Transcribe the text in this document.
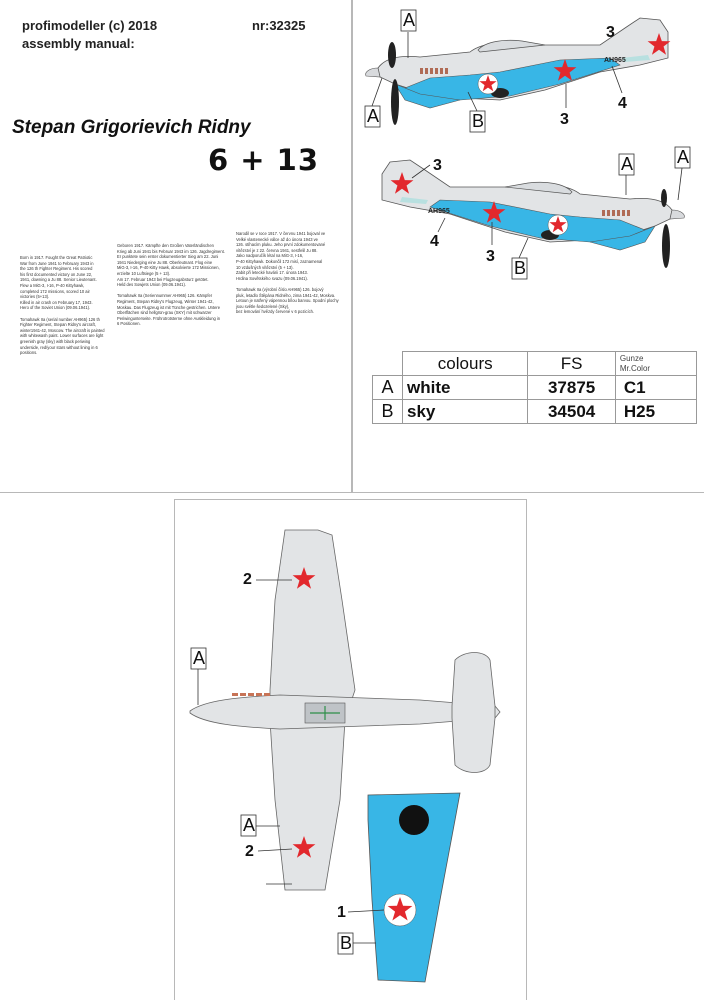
profimodeller (c) 2018	nr:32325
assembly manual:
Stepan Grigorievich Ridny
6 + 13
Born in 1917. Fought the Great Patriotic
War from June 1941 to February 1943 in
the 126 th Fighter Regiment. His scored
his first documented victory on June 22,
1941, downing a Ju 88. Senior Lieutenant.
Flew a MiG-3, I-16, P-40 Kittyhawk,
completed 172 missions, scored 10 air
victories (5+13).
Killed in air crash on February 17, 1943.
Hero of the Soviet Union (09.06.1941).

Tomahawk IIa (serial number AH965) 126 th
Fighter Regiment, Stepan Ridny's aircraft,
winter1941-42, Moscow. The aircraft is painted
with whitewash paint. Lower surfaces are light
greenish gray (sky) with black periwing
underside, red/your stars without lining in 6
positions.
Geboren 1917. Kämpfte den Großen Vaterländischen
Krieg ab Juni 1941 bis Februar 1943 im 126. Jagdregiment.
Er punktete sein erster dokumentierter Sieg am 22. Juni
1941 Niederging eine Ju 88. Oberleutnant. Flog eine
MiG-3, I-16, P-40 Kitty Hawk, absolvierte 172 Missionen,
erzielte 10 Luftsiege (5 + 13).
Am 17. Februar 1943 bei Flugzeugabsturz getötet.
Held des Sowjets Union (09.06.1941).

Tomahawk IIa (Seriennummer AH965) 126. Kämpfer
Regiment, Stepan Ridny's Flugzeug, Winter 1941-42,
Moskau. Das Flugzeug ist mit Tünche gestrichen. Untere
Oberflächen sind hellgrün-grau (SKY) mit schwarzer
Periwingunterseite. Frührotrotsterne ohne Auskleidung in
6 Positionen.
Narodil se v roce 1917. V červnu 1941 bojoval ve
Velké vlastenecké válce až do února 1943 ve
126. stíhacím pluku. Jeho první zdokumentované
vítězství je z 22. června 1941, sestřelil Ju 88.
Jako nadporučík létal na MiG-3, I-16,
P-40 Kittyhawk. Dokončil 172 misí, zaznamenal
10 vzdušných vítězství (5 + 13).
Zabit při letecké havárii 17. února 1943.
Hrdina Sovětského svazu (09.06.1941).

Tomahawk IIa (výrobní číslo AH965) 126. bojový
pluk, letadlo Štěpána Ridného, zima 1941-42, Moskva.
Letoun je natřený vápennou bílou barvou. Spodní plochy
jsou světle šedozelené (Sky),
bez lemování hvězdy červené v 6 pozicích.
	colours	FS	Gunze
Mr.Color

A	white	37875	C1
B	sky	34504	H25
AH965
A
A	B	3
3
4
AH965
3
4
3
B
A A
2
A
A
2
1
B
